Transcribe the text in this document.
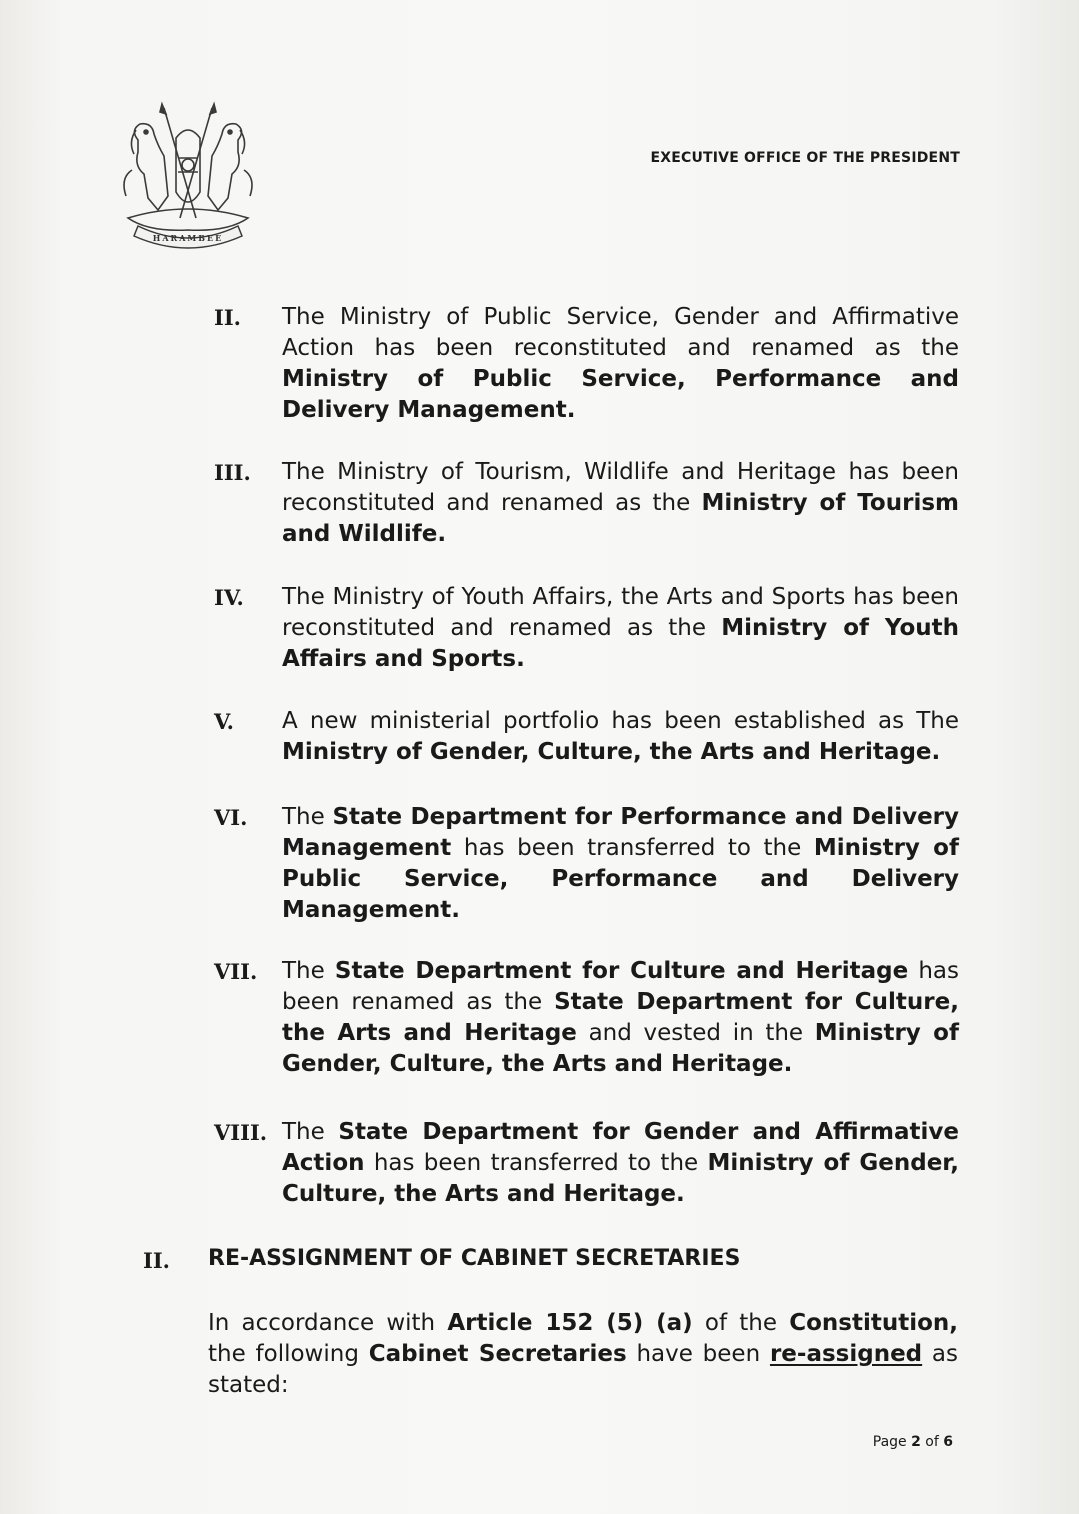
HARAMBEE
EXECUTIVE OFFICE OF THE PRESIDENT
II. The Ministry of Public Service, Gender and Affirmative Action has been reconstituted and renamed as the Ministry of Public Service, Performance and Delivery Management.
III. The Ministry of Tourism, Wildlife and Heritage has been reconstituted and renamed as the Ministry of Tourism and Wildlife.
IV. The Ministry of Youth Affairs, the Arts and Sports has been reconstituted and renamed as the Ministry of Youth Affairs and Sports.
V. A new ministerial portfolio has been established as The Ministry of Gender, Culture, the Arts and Heritage.
VI. The State Department for Performance and Delivery Management has been transferred to the Ministry of Public Service, Performance and Delivery Management.
VII. The State Department for Culture and Heritage has been renamed as the State Department for Culture, the Arts and Heritage and vested in the Ministry of Gender, Culture, the Arts and Heritage.
VIII. The State Department for Gender and Affirmative Action has been transferred to the Ministry of Gender, Culture, the Arts and Heritage.
II. RE-ASSIGNMENT OF CABINET SECRETARIES
In accordance with Article 152 (5) (a) of the Constitution, the following Cabinet Secretaries have been re-assigned as stated:
Page 2 of 6
